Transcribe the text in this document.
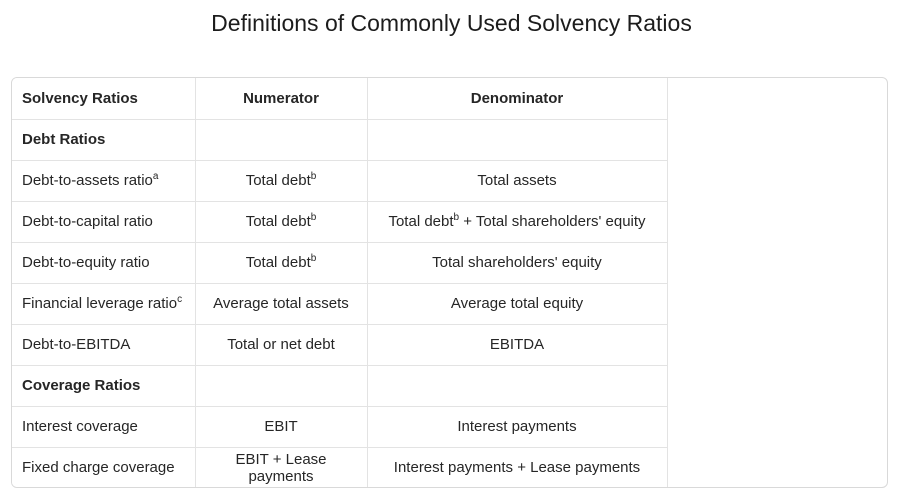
Definitions of Commonly Used Solvency Ratios
Solvency Ratios	Numerator	Denominator
Debt Ratios		
Debt-to-assets ratio$^a$	Total debt$^b$	Total assets
Debt-to-capital ratio	Total debt$^b$	Total debt$^b$ + Total shareholders' equity
Debt-to-equity ratio	Total debt$^b$	Total shareholders' equity
Financial leverage ratio$^c$	Average total assets	Average total equity
Debt-to-EBITDA	Total or net debt	EBITDA
Coverage Ratios		
Interest coverage	EBIT	Interest payments
Fixed charge coverage	EBIT + Lease payments	Interest payments + Lease payments
